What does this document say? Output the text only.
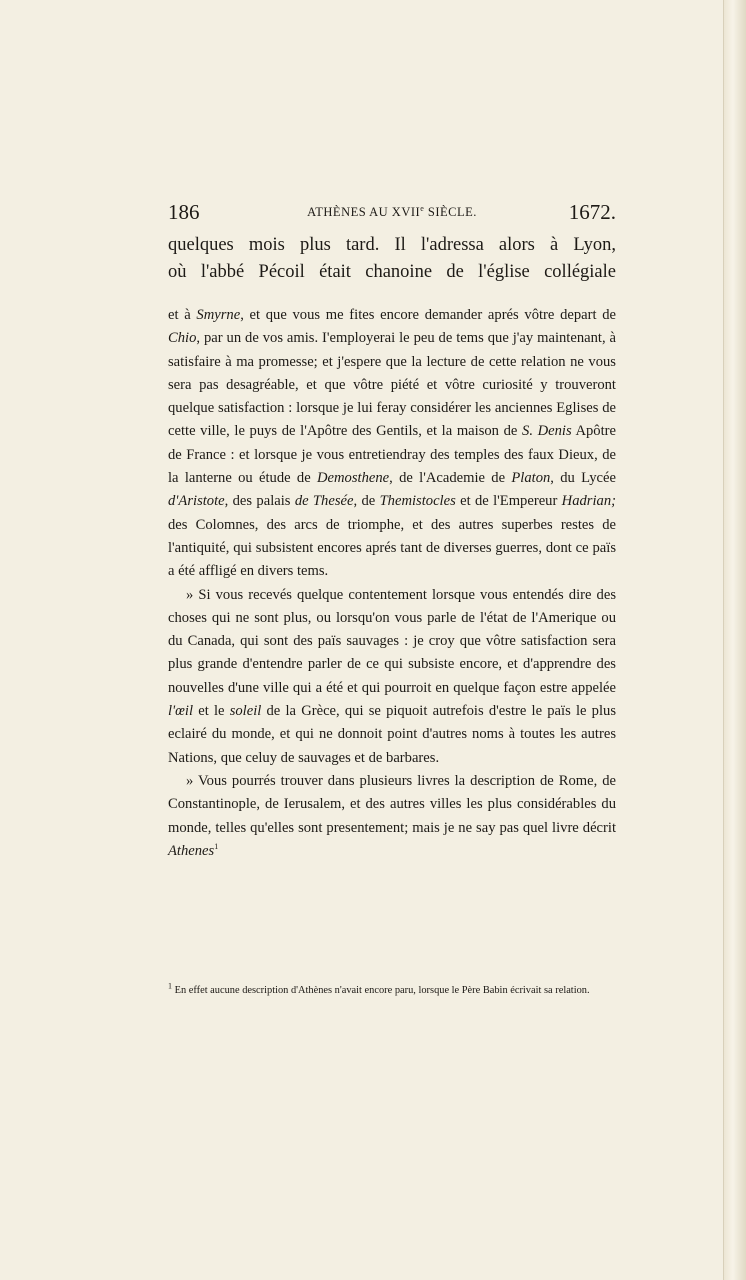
186	ATHÈNES AU XVIIe SIÈCLE.	1672.

quelques mois plus tard. Il l'adressa alors à Lyon,

où l'abbé Pécoil était chanoine de l'église collégiale

et à Smyrne, et que vous me fites encore demander aprés vôtre depart de Chio, par un de vos amis. I'employerai le peu de tems que j'ay maintenant, à satisfaire à ma promesse; et j'espere que la lecture de cette relation ne vous sera pas desagréable, et que vôtre piété et vôtre curiosité y trouveront quelque satisfaction : lorsque je lui feray considérer les anciennes Eglises de cette ville, le puys de l'Apôtre des Gentils, et la maison de S. Denis Apôtre de France : et lorsque je vous entretiendray des temples des faux Dieux, de la lanterne ou étude de Demosthene, de l'Academie de Platon, du Lycée d'Aristote, des palais de Thesée, de Themistocles et de l'Empereur Hadrian; des Colomnes, des arcs de triomphe, et des autres superbes restes de l'antiquité, qui subsistent encores aprés tant de diverses guerres, dont ce païs a été affligé en divers tems.

» Si vous recevés quelque contentement lorsque vous entendés dire des choses qui ne sont plus, ou lorsqu'on vous parle de l'état de l'Amerique ou du Canada, qui sont des païs sauvages : je croy que vôtre satisfaction sera plus grande d'entendre parler de ce qui subsiste encore, et d'apprendre des nouvelles d'une ville qui a été et qui pourroit en quelque façon estre appelée l'œil et le soleil de la Grèce, qui se piquoit autrefois d'estre le païs le plus eclairé du monde, et qui ne donnoit point d'autres noms à toutes les autres Nations, que celuy de sauvages et de barbares.

» Vous pourrés trouver dans plusieurs livres la description de Rome, de Constantinople, de Ierusalem, et des autres villes les plus considérables du monde, telles qu'elles sont presentement; mais je ne say pas quel livre décrit Athenes$^1$

$^1$ En effet aucune description d'Athènes n'avait encore paru, lorsque le Père Babin écrivait sa relation.
